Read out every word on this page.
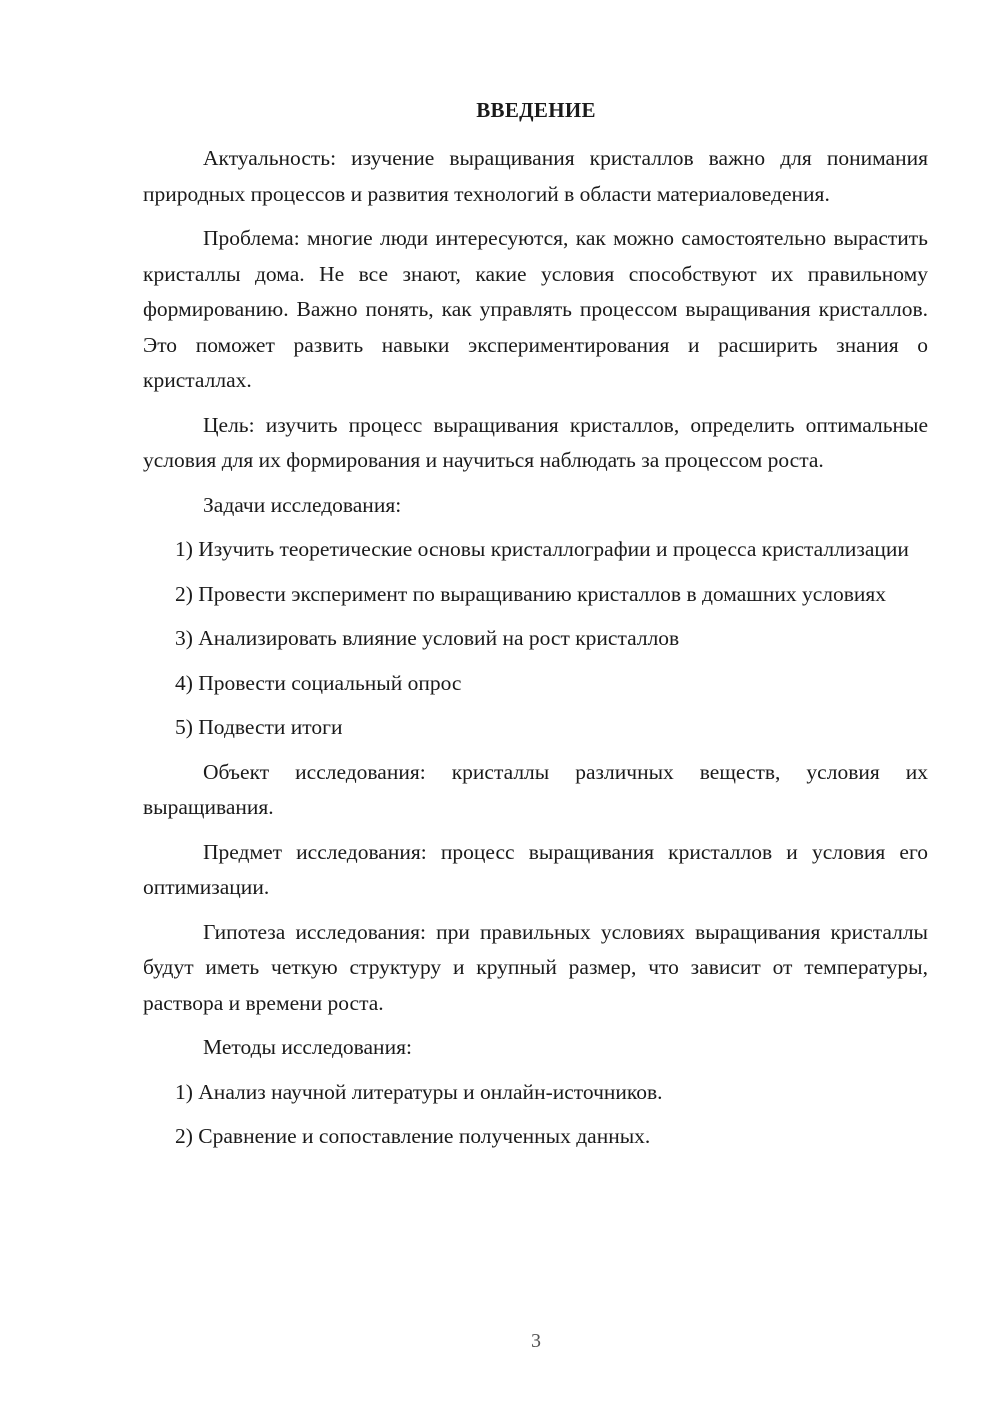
ВВЕДЕНИЕ

Актуальность: изучение выращивания кристаллов важно для понимания природных процессов и развития технологий в области материаловедения.

Проблема: многие люди интересуются, как можно самостоятельно вырастить кристаллы дома. Не все знают, какие условия способствуют их правильному формированию. Важно понять, как управлять процессом выращивания кристаллов. Это поможет развить навыки экспериментирования и расширить знания о кристаллах.

Цель: изучить процесс выращивания кристаллов, определить оптимальные условия для их формирования и научиться наблюдать за процессом роста.

Задачи исследования:

1) Изучить теоретические основы кристаллографии и процесса кристаллизации

2) Провести эксперимент по выращиванию кристаллов в домашних условиях

3) Анализировать влияние условий на рост кристаллов

4) Провести социальный опрос

5) Подвести итоги

Объект исследования: кристаллы различных веществ, условия их выращивания.

Предмет исследования: процесс выращивания кристаллов и условия его оптимизации.

Гипотеза исследования: при правильных условиях выращивания кристаллы будут иметь четкую структуру и крупный размер, что зависит от температуры, раствора и времени роста.

Методы исследования:

1) Анализ научной литературы и онлайн-источников.

2) Сравнение и сопоставление полученных данных.

3
